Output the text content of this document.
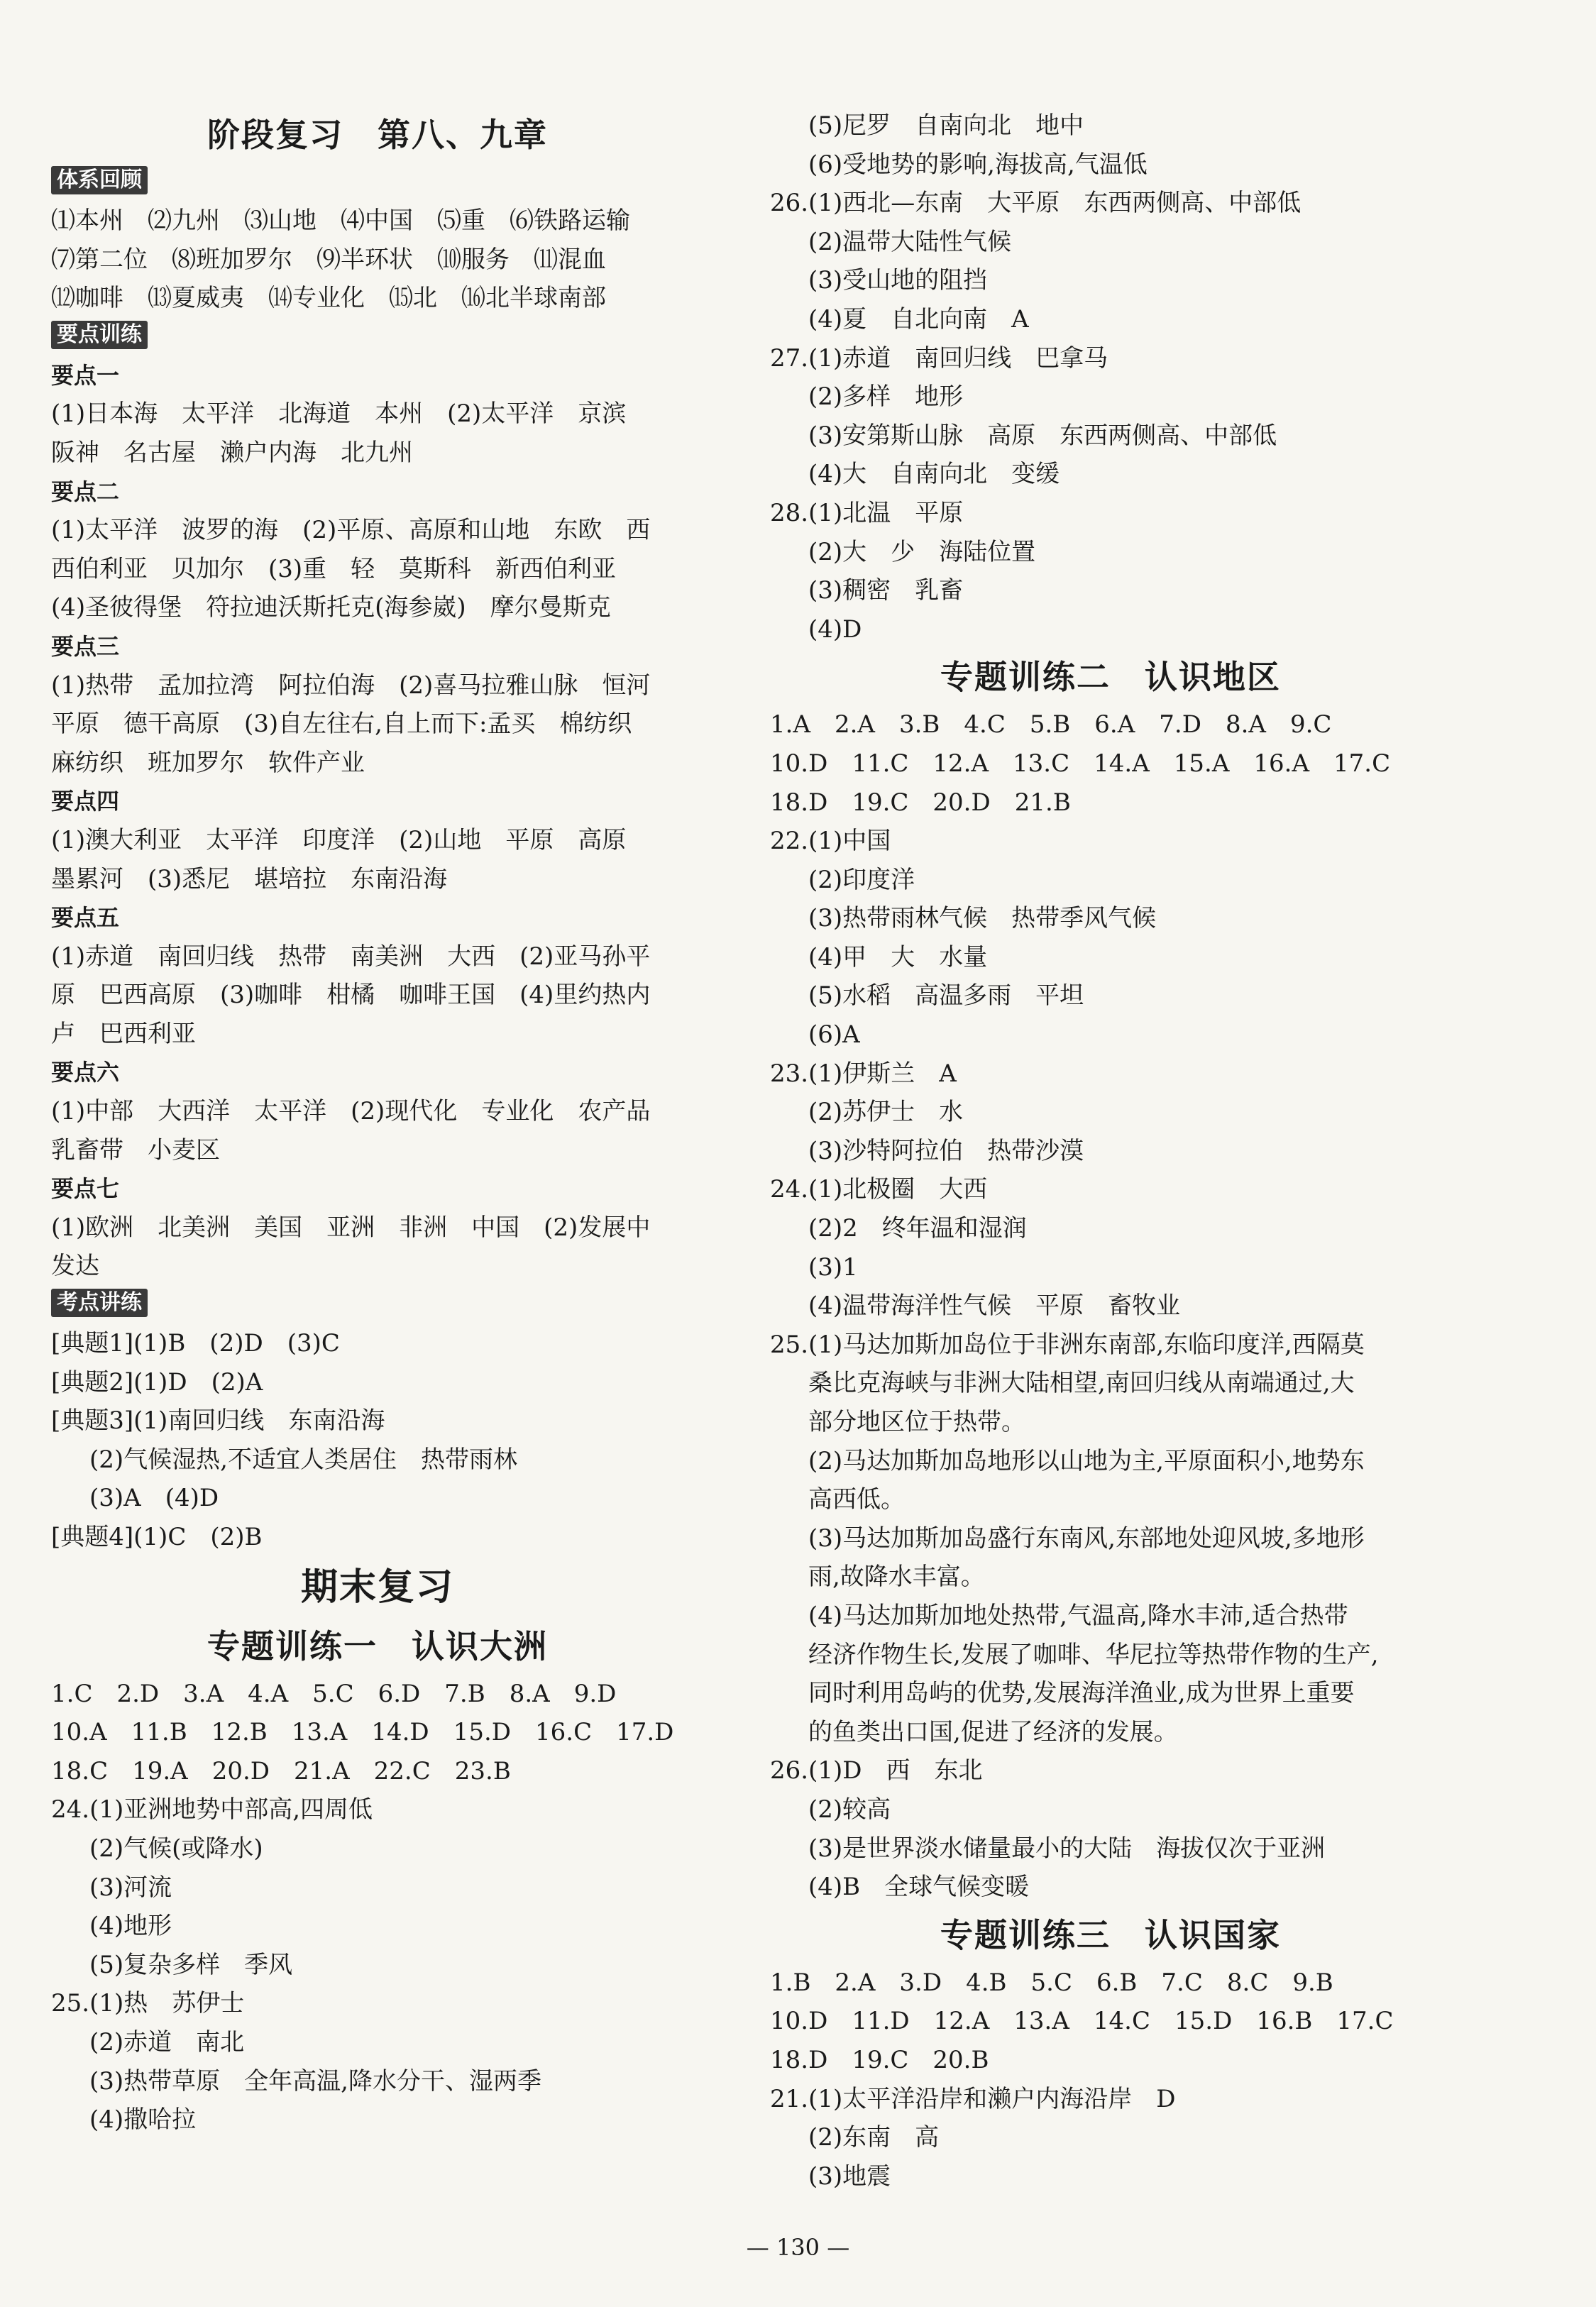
阶段复习　第八、九章
体系回顾
⑴本州　⑵九州　⑶山地　⑷中国　⑸重　⑹铁路运输
⑺第二位　⑻班加罗尔　⑼半环状　⑽服务　⑾混血
⑿咖啡　⒀夏威夷　⒁专业化　⒂北　⒃北半球南部
要点训练
要点一
(1)日本海　太平洋　北海道　本州　(2)太平洋　京滨
阪神　名古屋　濑户内海　北九州
要点二
(1)太平洋　波罗的海　(2)平原、高原和山地　东欧　西
西伯利亚　贝加尔　(3)重　轻　莫斯科　新西伯利亚
(4)圣彼得堡　符拉迪沃斯托克(海参崴)　摩尔曼斯克
要点三
(1)热带　孟加拉湾　阿拉伯海　(2)喜马拉雅山脉　恒河
平原　德干高原　(3)自左往右,自上而下:孟买　棉纺织
麻纺织　班加罗尔　软件产业
要点四
(1)澳大利亚　太平洋　印度洋　(2)山地　平原　高原
墨累河　(3)悉尼　堪培拉　东南沿海
要点五
(1)赤道　南回归线　热带　南美洲　大西　(2)亚马孙平
原　巴西高原　(3)咖啡　柑橘　咖啡王国　(4)里约热内
卢　巴西利亚
要点六
(1)中部　大西洋　太平洋　(2)现代化　专业化　农产品
乳畜带　小麦区
要点七
(1)欧洲　北美洲　美国　亚洲　非洲　中国　(2)发展中
发达
考点讲练
[典题1](1)B　(2)D　(3)C
[典题2](1)D　(2)A
[典题3](1)南回归线　东南沿海
(2)气候湿热,不适宜人类居住　热带雨林
(3)A　(4)D
[典题4](1)C　(2)B
期末复习
专题训练一　认识大洲
1.C　2.D　3.A　4.A　5.C　6.D　7.B　8.A　9.D
10.A　11.B　12.B　13.A　14.D　15.D　16.C　17.D
18.C　19.A　20.D　21.A　22.C　23.B
24.(1)亚洲地势中部高,四周低
(2)气候(或降水)
(3)河流
(4)地形
(5)复杂多样　季风
25.(1)热　苏伊士
(2)赤道　南北
(3)热带草原　全年高温,降水分干、湿两季
(4)撒哈拉
(5)尼罗　自南向北　地中
(6)受地势的影响,海拔高,气温低
26.(1)西北—东南　大平原　东西两侧高、中部低
(2)温带大陆性气候
(3)受山地的阻挡
(4)夏　自北向南　A
27.(1)赤道　南回归线　巴拿马
(2)多样　地形
(3)安第斯山脉　高原　东西两侧高、中部低
(4)大　自南向北　变缓
28.(1)北温　平原
(2)大　少　海陆位置
(3)稠密　乳畜
(4)D
专题训练二　认识地区
1.A　2.A　3.B　4.C　5.B　6.A　7.D　8.A　9.C
10.D　11.C　12.A　13.C　14.A　15.A　16.A　17.C
18.D　19.C　20.D　21.B
22.(1)中国
(2)印度洋
(3)热带雨林气候　热带季风气候
(4)甲　大　水量
(5)水稻　高温多雨　平坦
(6)A
23.(1)伊斯兰　A
(2)苏伊士　水
(3)沙特阿拉伯　热带沙漠
24.(1)北极圈　大西
(2)2　终年温和湿润
(3)1
(4)温带海洋性气候　平原　畜牧业
25.(1)马达加斯加岛位于非洲东南部,东临印度洋,西隔莫
桑比克海峡与非洲大陆相望,南回归线从南端通过,大
部分地区位于热带。
(2)马达加斯加岛地形以山地为主,平原面积小,地势东
高西低。
(3)马达加斯加岛盛行东南风,东部地处迎风坡,多地形
雨,故降水丰富。
(4)马达加斯加地处热带,气温高,降水丰沛,适合热带
经济作物生长,发展了咖啡、华尼拉等热带作物的生产,
同时利用岛屿的优势,发展海洋渔业,成为世界上重要
的鱼类出口国,促进了经济的发展。
26.(1)D　西　东北
(2)较高
(3)是世界淡水储量最小的大陆　海拔仅次于亚洲
(4)B　全球气候变暖
专题训练三　认识国家
1.B　2.A　3.D　4.B　5.C　6.B　7.C　8.C　9.B
10.D　11.D　12.A　13.A　14.C　15.D　16.B　17.C
18.D　19.C　20.B
21.(1)太平洋沿岸和濑户内海沿岸　D
(2)东南　高
(3)地震
— 130 —
